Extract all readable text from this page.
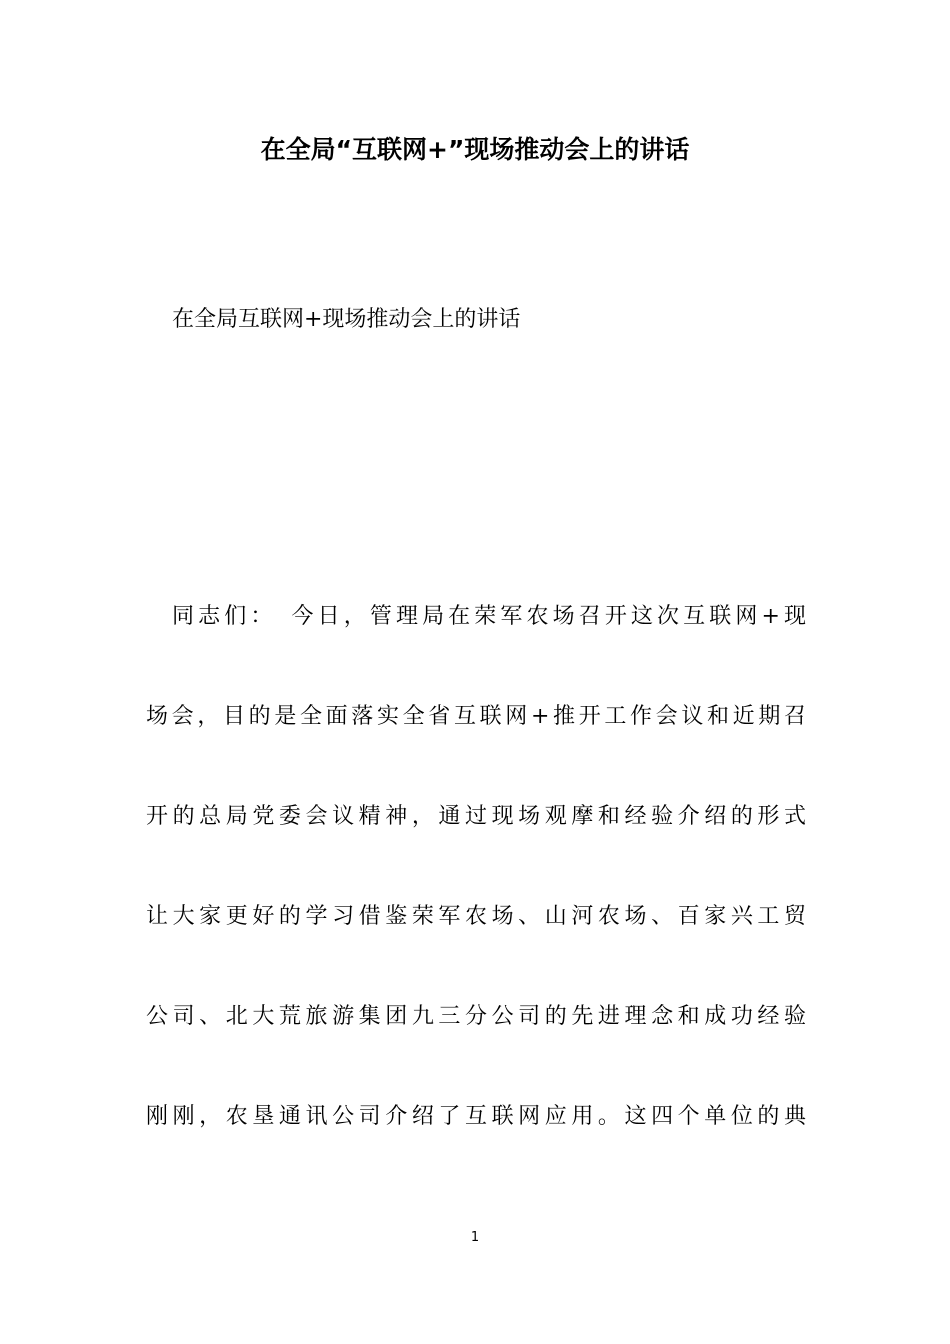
在全局“互联网+”现场推动会上的讲话

在全局互联网+现场推动会上的讲话

同志们：　今日，管理局在荣军农场召开这次互联网+现

场会，目的是全面落实全省互联网+推开工作会议和近期召

开的总局党委会议精神，通过现场观摩和经验介绍的形式

让大家更好的学习借鉴荣军农场、山河农场、百家兴工贸

公司、北大荒旅游集团九三分公司的先进理念和成功经验

刚刚，农垦通讯公司介绍了互联网应用。这四个单位的典

1
